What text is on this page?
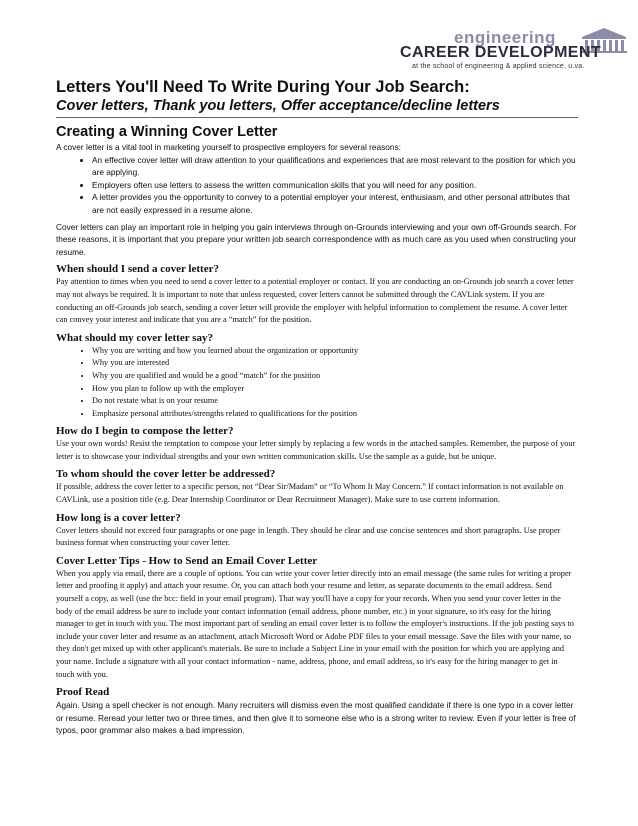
engineering
CAREER DEVELOPMENT
at the school of engineering & applied science, u.va.
Letters You'll Need To Write During Your Job Search:
Cover letters, Thank you letters, Offer acceptance/decline letters
Creating a Winning Cover Letter

A cover letter is a vital tool in marketing yourself to prospective employers for several reasons:

• An effective cover letter will draw attention to your qualifications and experiences that are most relevant to the position for which you are applying.
• Employers often use letters to assess the written communication skills that you will need for any position.
• A letter provides you the opportunity to convey to a potential employer your interest, enthusiasm, and other personal attributes that are not easily expressed in a resume alone.

Cover letters can play an important role in helping you gain interviews through on-Grounds interviewing and your own off-Grounds search. For these reasons, it is important that you prepare your written job search correspondence with as much care as you used when constructing your resume.

When should I send a cover letter?

Pay attention to times when you need to send a cover letter to a potential employer or contact. If you are conducting an on-Grounds job search a cover letter may not always be required. It is important to note that unless requested, cover letters cannot be submitted through the CAVLink system. If you are conducting an off-Grounds job search, sending a cover letter will provide the employer with helpful information to complement the resume. A cover letter can convey your interest and indicate that you are a “match” for the position.

What should my cover letter say?
• Why you are writing and how you learned about the organization or opportunity
• Why you are interested
• Why you are qualified and would be a good “match” for the position
• How you plan to follow up with the employer
• Do not restate what is on your resume
• Emphasize personal attributes/strengths related to qualifications for the position
How do I begin to compose the letter?

Use your own words! Resist the temptation to compose your letter simply by replacing a few words in the attached samples. Remember, the purpose of your letter is to showcase your individual strengths and your own written communication skills. Use the sample as a guide, but be unique.

To whom should the cover letter be addressed?

If possible, address the cover letter to a specific person, not “Dear Sir/Madam” or “To Whom It May Concern.” If contact information is not available on CAVLink, use a position title (e.g. Dear Internship Coordinator or Dear Recruitment Manager). Make sure to use current information.

How long is a cover letter?

Cover letters should not exceed four paragraphs or one page in length. They should be clear and use concise sentences and short paragraphs. Use proper business format when constructing your cover letter.

Cover Letter Tips - How to Send an Email Cover Letter

When you apply via email, there are a couple of options. You can write your cover letter directly into an email message (the same rules for writing a proper letter and proofing it apply) and attach your resume. Or, you can attach both your resume and letter, as separate documents to the email address. Send yourself a copy, as well (use the bcc: field in your email program). That way you'll have a copy for your records. When you send your cover letter in the body of the email address be sure to include your contact information (email address, phone number, etc.) in your signature, so it's easy for the hiring manager to get in touch with you. The most important part of sending an email cover letter is to follow the employer's instructions. If the job posting says to include your cover letter and resume as an attachment, attach Microsoft Word or Adobe PDF files to your email message. Save the files with your name, so they don't get mixed up with other applicant's materials. Be sure to include a Subject Line in your email with the position for which you are applying and your name. Include a signature with all your contact information - name, address, phone, and email address, so it's easy for the hiring manager to get in touch with you.

Proof Read

Again. Using a spell checker is not enough. Many recruiters will dismiss even the most qualified candidate if there is one typo in a cover letter or resume. Reread your letter two or three times, and then give it to someone else who is a strong writer to review. Even if your letter is free of typos, poor grammar also makes a bad impression.
